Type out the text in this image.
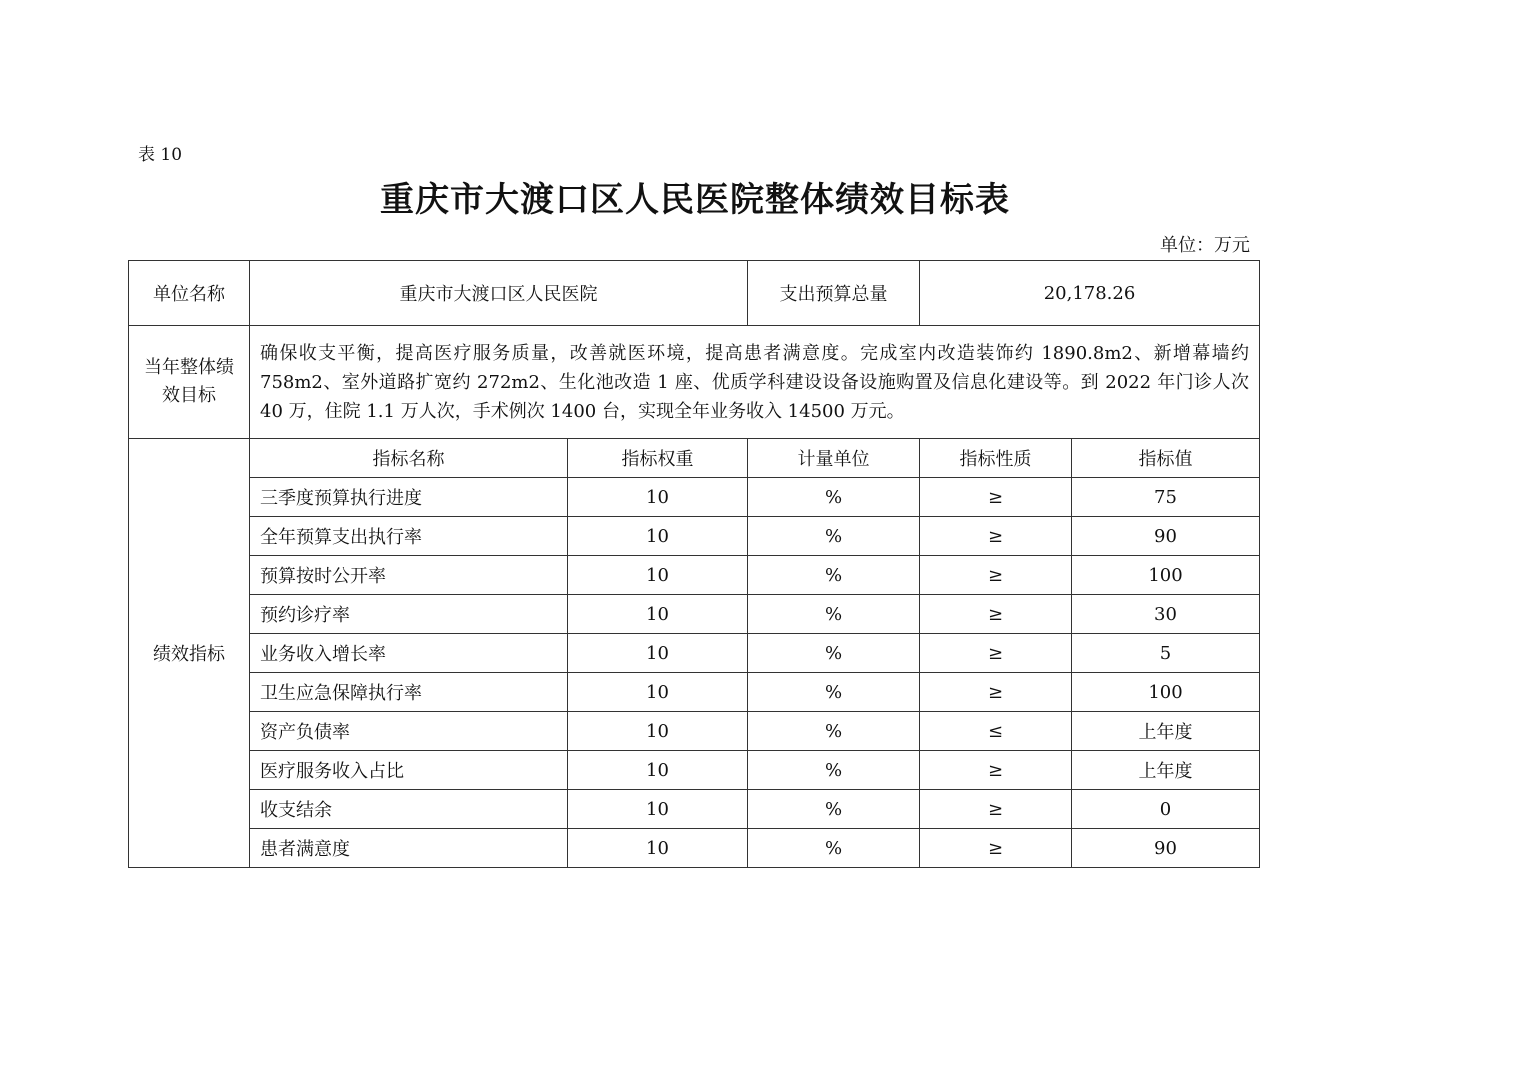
表 10
重庆市大渡口区人民医院整体绩效目标表
单位：万元
单位名称	重庆市大渡口区人民医院		支出预算总量	20,178.26	

当年整体绩效目标	确保收支平衡，提高医疗服务质量，改善就医环境，提高患者满意度。完成室内改造装饰约 1890.8m2、新增幕墙约 758m2、室外道路扩宽约 272m2、生化池改造 1 座、优质学科建设设备设施购置及信息化建设等。到 2022 年门诊人次 40 万，住院 1.1 万人次，手术例次 1400 台，实现全年业务收入 14500 万元。				

绩效指标	指标名称	指标权重	计量单位	指标性质	指标值
	三季度预算执行进度	10	%	≥	75
	全年预算支出执行率	10	%	≥	90
	预算按时公开率	10	%	≥	100
	预约诊疗率	10	%	≥	30
	业务收入增长率	10	%	≥	5
	卫生应急保障执行率	10	%	≥	100
	资产负债率	10	%	≤	上年度
	医疗服务收入占比	10	%	≥	上年度
	收支结余	10	%	≥	0
	患者满意度	10	%	≥	90
